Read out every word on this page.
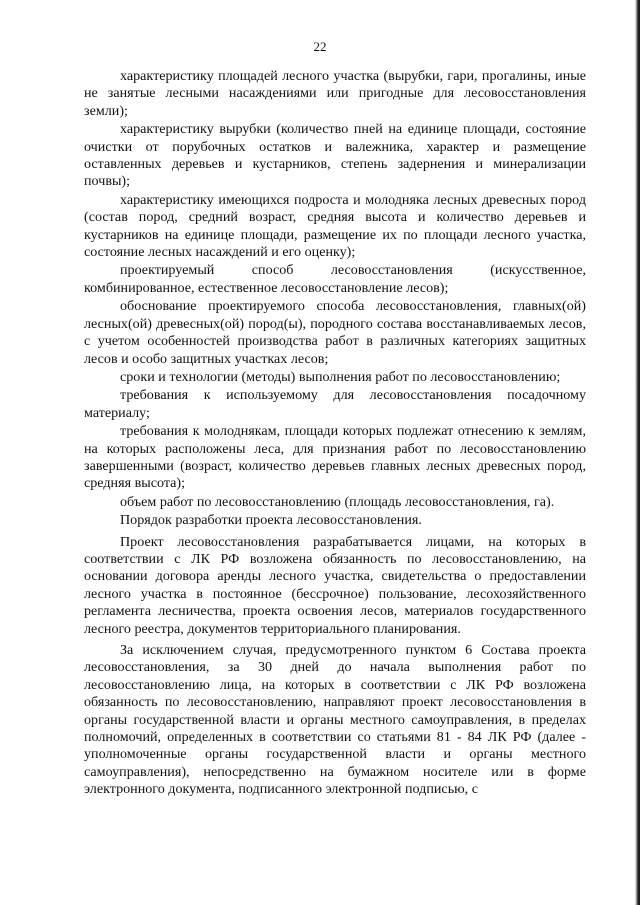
22

характеристику площадей лесного участка (вырубки, гари, прогалины, иные не занятые лесными насаждениями или пригодные для лесовосстановления земли);

характеристику вырубки (количество пней на единице площади, состояние очистки от порубочных остатков и валежника, характер и размещение оставленных деревьев и кустарников, степень задернения и минерализации почвы);

характеристику имеющихся подроста и молодняка лесных древесных пород (состав пород, средний возраст, средняя высота и количество деревьев и кустарников на единице площади, размещение их по площади лесного участка, состояние лесных насаждений и его оценку);

проектируемый способ лесовосстановления (искусственное, комбинированное, естественное лесовосстановление лесов);

обоснование проектируемого способа лесовосстановления, главных(ой) лесных(ой) древесных(ой) пород(ы), породного состава восстанавливаемых лесов, с учетом особенностей производства работ в различных категориях защитных лесов и особо защитных участках лесов;

сроки и технологии (методы) выполнения работ по лесовосстановлению;

требования к используемому для лесовосстановления посадочному материалу;

требования к молоднякам, площади которых подлежат отнесению к землям, на которых расположены леса, для признания работ по лесовосстановлению завершенными (возраст, количество деревьев главных лесных древесных пород, средняя высота);

объем работ по лесовосстановлению (площадь лесовосстановления, га).

Порядок разработки проекта лесовосстановления.

Проект лесовосстановления разрабатывается лицами, на которых в соответствии с ЛК РФ возложена обязанность по лесовосстановлению, на основании договора аренды лесного участка, свидетельства о предоставлении лесного участка в постоянное (бессрочное) пользование, лесохозяйственного регламента лесничества, проекта освоения лесов, материалов государственного лесного реестра, документов территориального планирования.

За исключением случая, предусмотренного пунктом 6 Состава проекта лесовосстановления, за 30 дней до начала выполнения работ по лесовосстановлению лица, на которых в соответствии с ЛК РФ возложена обязанность по лесовосстановлению, направляют проект лесовосстановления в органы государственной власти и органы местного самоуправления, в пределах полномочий, определенных в соответствии со статьями 81 - 84 ЛК РФ (далее - уполномоченные органы государственной власти и органы местного самоуправления), непосредственно на бумажном носителе или в форме электронного документа, подписанного электронной подписью, с
